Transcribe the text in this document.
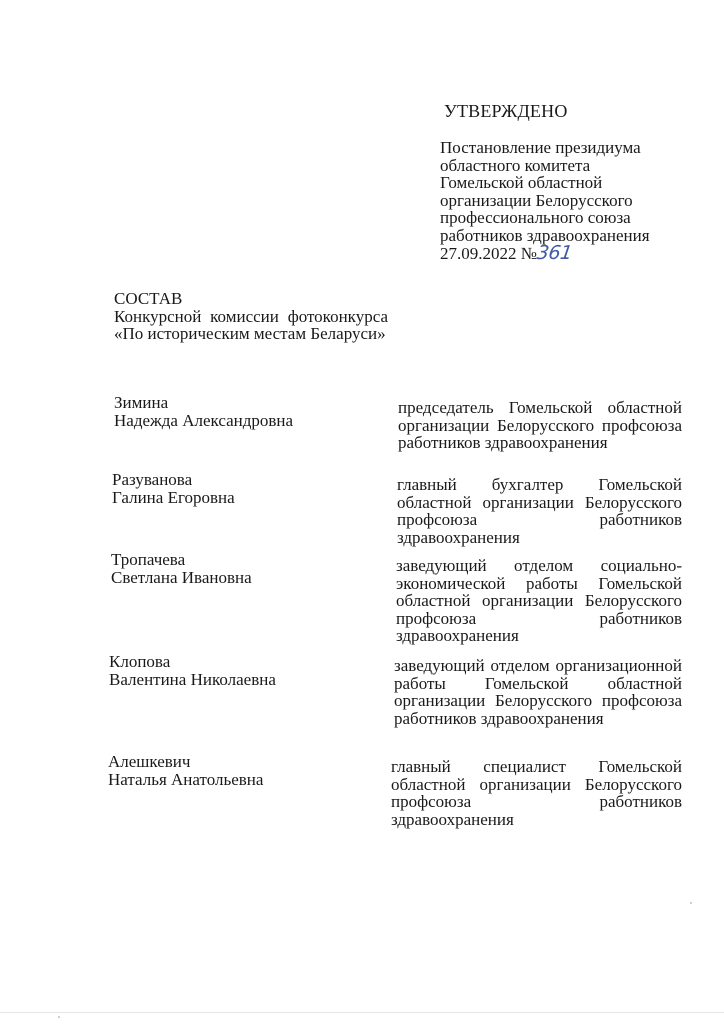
УТВЕРЖДЕНО
Постановление президиума
областного комитета
Гомельской областной
организации Белорусского
профессионального союза
работников здравоохранения
27.09.2022 №361
СОСТАВ
Конкурсной комиссии фотоконкурса «По историческим местам Беларуси»
Зимина
Надежда Александровна
председатель Гомельской областной организации Белорусского профсоюза работников здравоохранения
Разуванова
Галина Егоровна
главный бухгалтер Гомельской областной организации Белорусского профсоюза работников здравоохранения
Тропачева
Светлана Ивановна
заведующий отделом социально-экономической работы Гомельской областной организации Белорусского профсоюза работников здравоохранения
Клопова
Валентина Николаевна
заведующий отделом организационной работы Гомельской областной организации Белорусского профсоюза работников здравоохранения
Алешкевич
Наталья Анатольевна
главный специалист Гомельской областной организации Белорусского профсоюза работников здравоохранения
